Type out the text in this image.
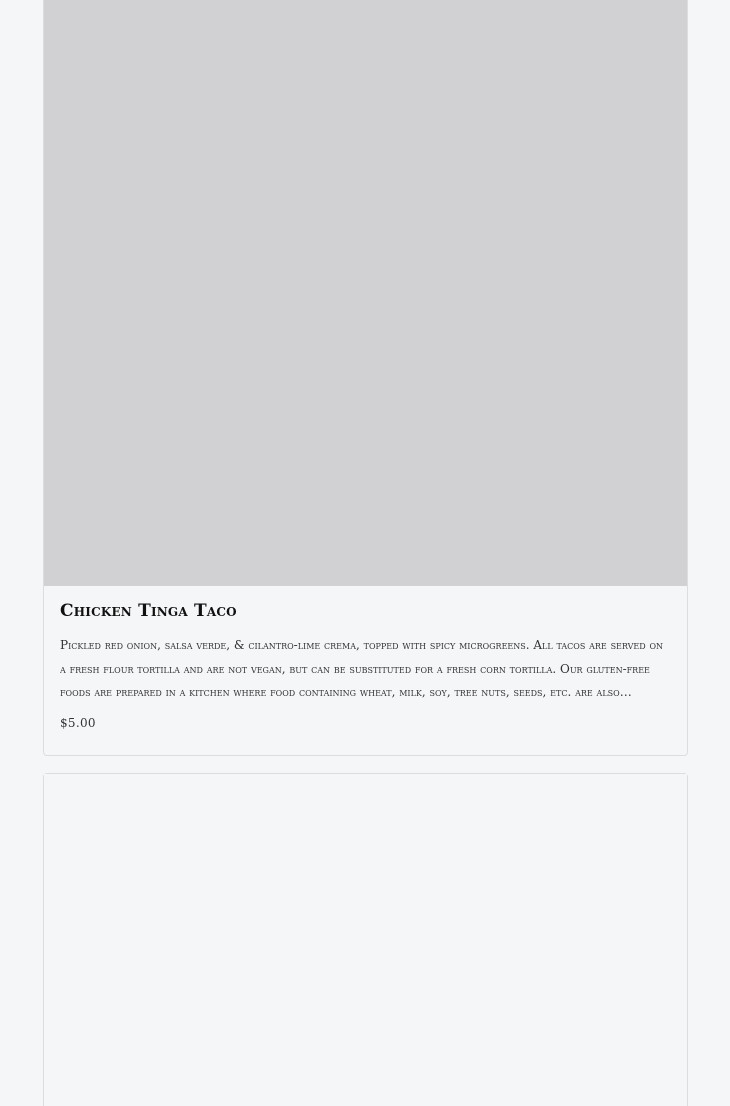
Chicken Tinga Taco

Pickled red onion, salsa verde, & cilantro-lime crema, topped with spicy microgreens. All tacos are served on a fresh flour tortilla and are not vegan, but can be substituted for a fresh corn tortilla. Our gluten-free foods are prepared in a kitchen where food containing wheat, milk, soy, tree nuts, seeds, etc. are also

$5.00
